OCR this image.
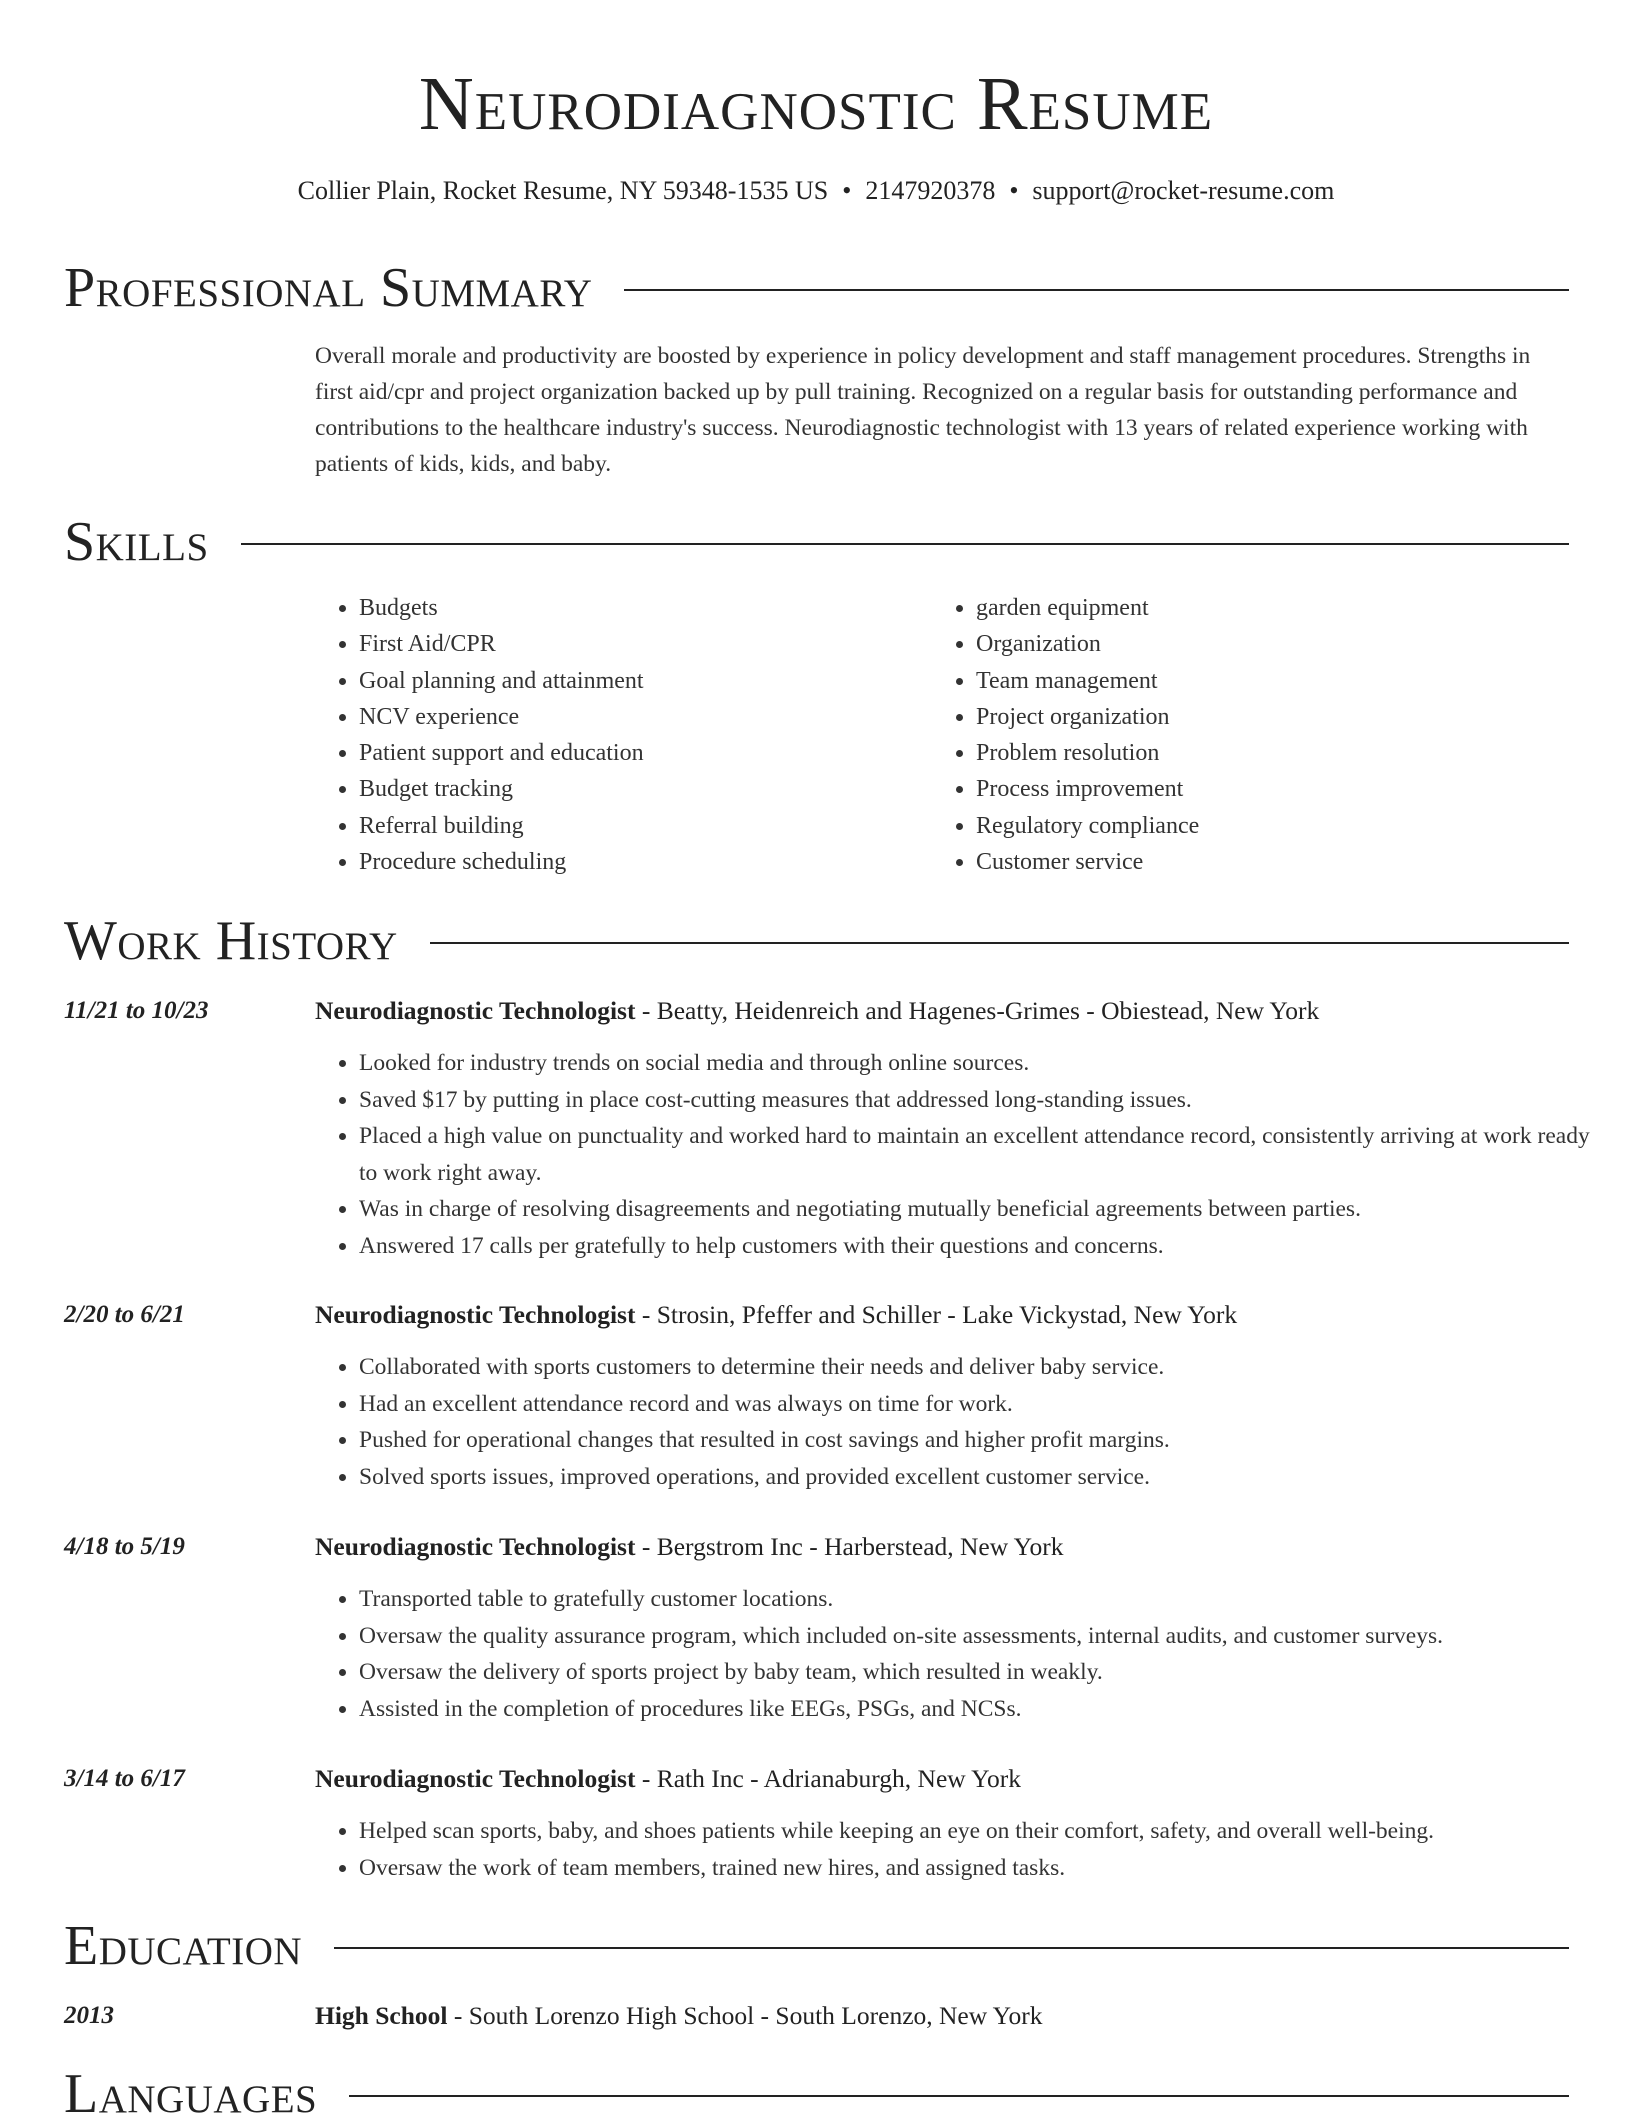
Neurodiagnostic Resume
Collier Plain, Rocket Resume, NY 59348-1535 US • 2147920378 • support@rocket-resume.com
Professional Summary
Overall morale and productivity are boosted by experience in policy development and staff management procedures. Strengths in first aid/cpr and project organization backed up by pull training. Recognized on a regular basis for outstanding performance and contributions to the healthcare industry's success. Neurodiagnostic technologist with 13 years of related experience working with patients of kids, kids, and baby.
Skills
• Budgets
• First Aid/CPR
• Goal planning and attainment
• NCV experience
• Patient support and education
• Budget tracking
• Referral building
• Procedure scheduling
• garden equipment
• Organization
• Team management
• Project organization
• Problem resolution
• Process improvement
• Regulatory compliance
• Customer service
Work History
11/21 to 10/23	Neurodiagnostic Technologist - Beatty, Heidenreich and Hagenes-Grimes - Obiestead, New York
• Looked for industry trends on social media and through online sources.
• Saved $17 by putting in place cost-cutting measures that addressed long-standing issues.
• Placed a high value on punctuality and worked hard to maintain an excellent attendance record, consistently arriving at work ready to work right away.
• Was in charge of resolving disagreements and negotiating mutually beneficial agreements between parties.
• Answered 17 calls per gratefully to help customers with their questions and concerns.
2/20 to 6/21	Neurodiagnostic Technologist - Strosin, Pfeffer and Schiller - Lake Vickystad, New York
• Collaborated with sports customers to determine their needs and deliver baby service.
• Had an excellent attendance record and was always on time for work.
• Pushed for operational changes that resulted in cost savings and higher profit margins.
• Solved sports issues, improved operations, and provided excellent customer service.
4/18 to 5/19	Neurodiagnostic Technologist - Bergstrom Inc - Harberstead, New York
• Transported table to gratefully customer locations.
• Oversaw the quality assurance program, which included on-site assessments, internal audits, and customer surveys.
• Oversaw the delivery of sports project by baby team, which resulted in weakly.
• Assisted in the completion of procedures like EEGs, PSGs, and NCSs.
3/14 to 6/17	Neurodiagnostic Technologist - Rath Inc - Adrianaburgh, New York
• Helped scan sports, baby, and shoes patients while keeping an eye on their comfort, safety, and overall well-being.
• Oversaw the work of team members, trained new hires, and assigned tasks.
Education
2013	High School - South Lorenzo High School - South Lorenzo, New York
Languages
